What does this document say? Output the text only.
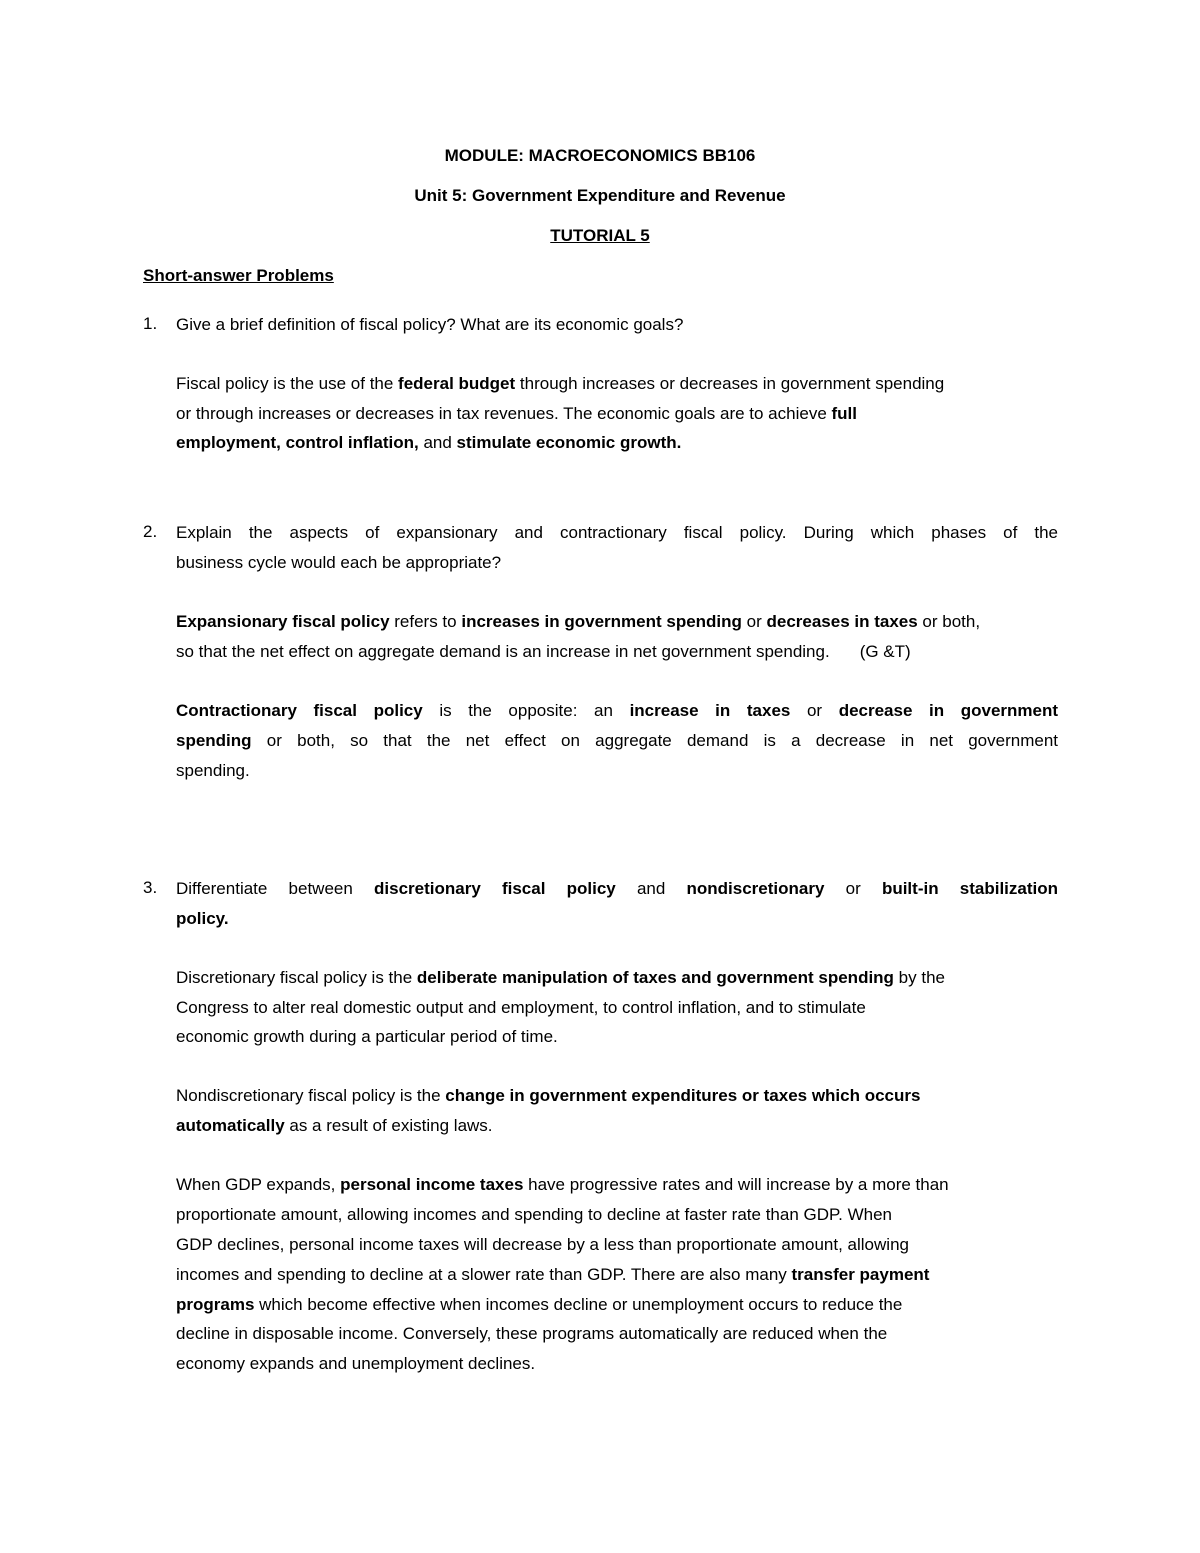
MODULE: MACROECONOMICS BB106
Unit 5: Government Expenditure and Revenue
TUTORIAL 5
Short-answer Problems
1. Give a brief definition of fiscal policy? What are its economic goals?
Fiscal policy is the use of the federal budget through increases or decreases in government spending
or through increases or decreases in tax revenues. The economic goals are to achieve full
employment, control inflation, and stimulate economic growth.
2. Explain the aspects of expansionary and contractionary fiscal policy. During which phases of the
business cycle would each be appropriate?
Expansionary fiscal policy refers to increases in government spending or decreases in taxes or both,
so that the net effect on aggregate demand is an increase in net government spending. (G &T)
Contractionary fiscal policy is the opposite: an increase in taxes or decrease in government
spending or both, so that the net effect on aggregate demand is a decrease in net government
spending.
3. Differentiate between discretionary fiscal policy and nondiscretionary or built-in stabilization
policy.
Discretionary fiscal policy is the deliberate manipulation of taxes and government spending by the
Congress to alter real domestic output and employment, to control inflation, and to stimulate
economic growth during a particular period of time.
Nondiscretionary fiscal policy is the change in government expenditures or taxes which occurs
automatically as a result of existing laws.
When GDP expands, personal income taxes have progressive rates and will increase by a more than
proportionate amount, allowing incomes and spending to decline at faster rate than GDP. When
GDP declines, personal income taxes will decrease by a less than proportionate amount, allowing
incomes and spending to decline at a slower rate than GDP. There are also many transfer payment
programs which become effective when incomes decline or unemployment occurs to reduce the
decline in disposable income. Conversely, these programs automatically are reduced when the
economy expands and unemployment declines.
